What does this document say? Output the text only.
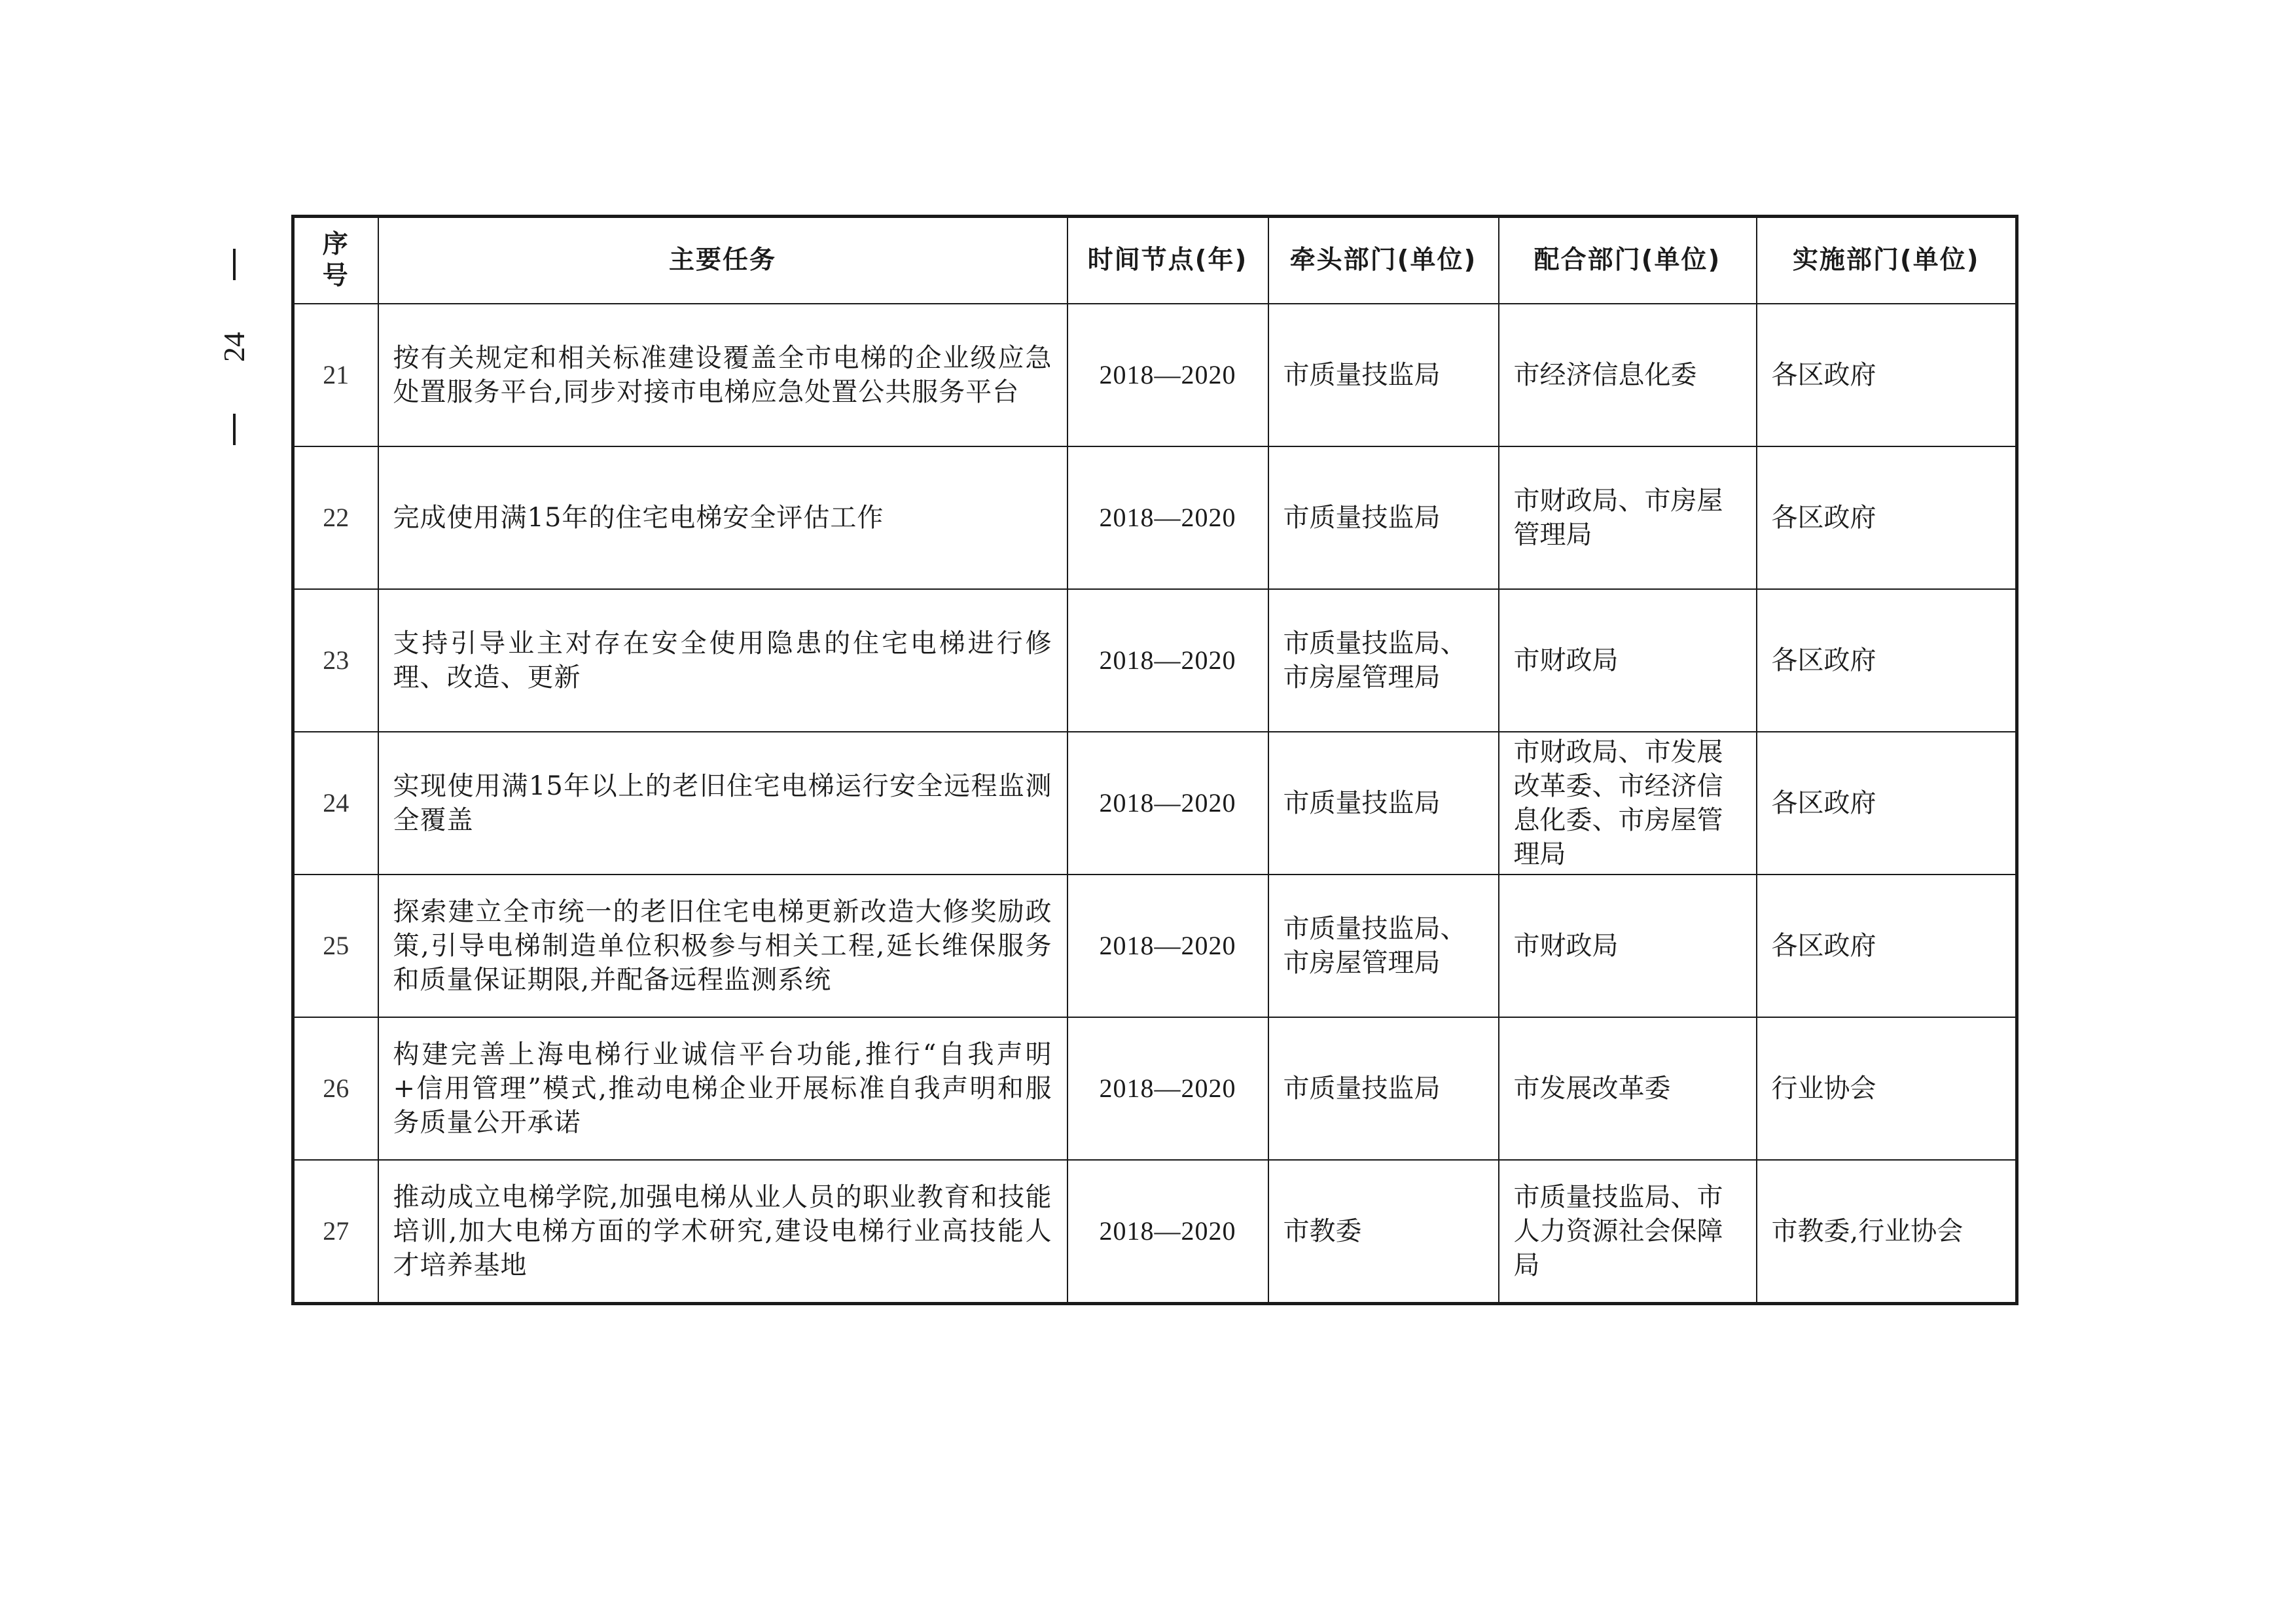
24
序
号	主要任务	时间节点(年)	牵头部门(单位)	配合部门(单位)	实施部门(单位)
21	按有关规定和相关标准建设覆盖全市电梯的企业级应急处置服务平台,同步对接市电梯应急处置公共服务平台	2018—2020	市质量技监局	市经济信息化委	各区政府
22	完成使用满15年的住宅电梯安全评估工作	2018—2020	市质量技监局	市财政局、市房屋管理局	各区政府
23	支持引导业主对存在安全使用隐患的住宅电梯进行修理、改造、更新	2018—2020	市质量技监局、市房屋管理局	市财政局	各区政府
24	实现使用满15年以上的老旧住宅电梯运行安全远程监测全覆盖	2018—2020	市质量技监局	市财政局、市发展改革委、市经济信息化委、市房屋管理局	各区政府
25	探索建立全市统一的老旧住宅电梯更新改造大修奖励政策,引导电梯制造单位积极参与相关工程,延长维保服务和质量保证期限,并配备远程监测系统	2018—2020	市质量技监局、市房屋管理局	市财政局	各区政府
26	构建完善上海电梯行业诚信平台功能,推行“自我声明+信用管理”模式,推动电梯企业开展标准自我声明和服务质量公开承诺	2018—2020	市质量技监局	市发展改革委	行业协会
27	推动成立电梯学院,加强电梯从业人员的职业教育和技能培训,加大电梯方面的学术研究,建设电梯行业高技能人才培养基地	2018—2020	市教委	市质量技监局、市人力资源社会保障局	市教委,行业协会
